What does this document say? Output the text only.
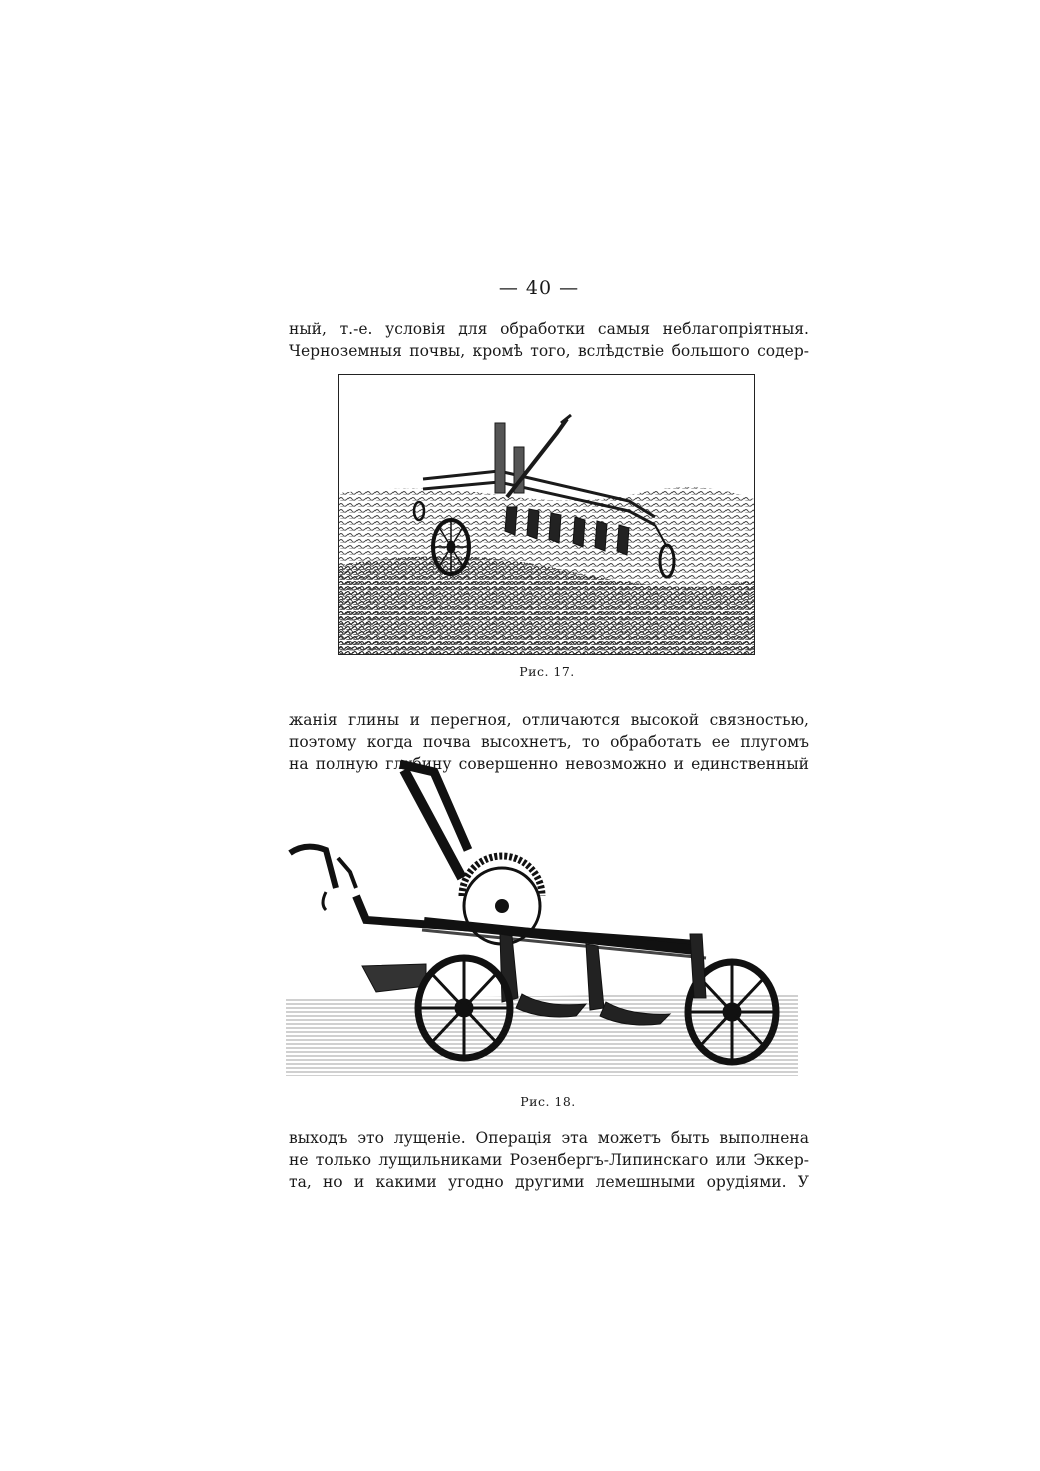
— 40 —
ный, т.-е. условія для обработки самыя неблагопріятныя.
Черноземныя почвы, кромѣ того, вслѣдствіе большого содер-
Рис. 17.
жанія глины и перегноя, отличаются высокой связностью,
поэтому когда почва высохнетъ, то обработать ее плугомъ
на полную глубину совершенно невозможно и единственный
Рис. 18.
выходъ это лущеніе. Операція эта можетъ быть выполнена
не только лущильниками Розенбергъ-Липинскаго или Эккер-
та, но и какими угодно другими лемешными орудіями. У
